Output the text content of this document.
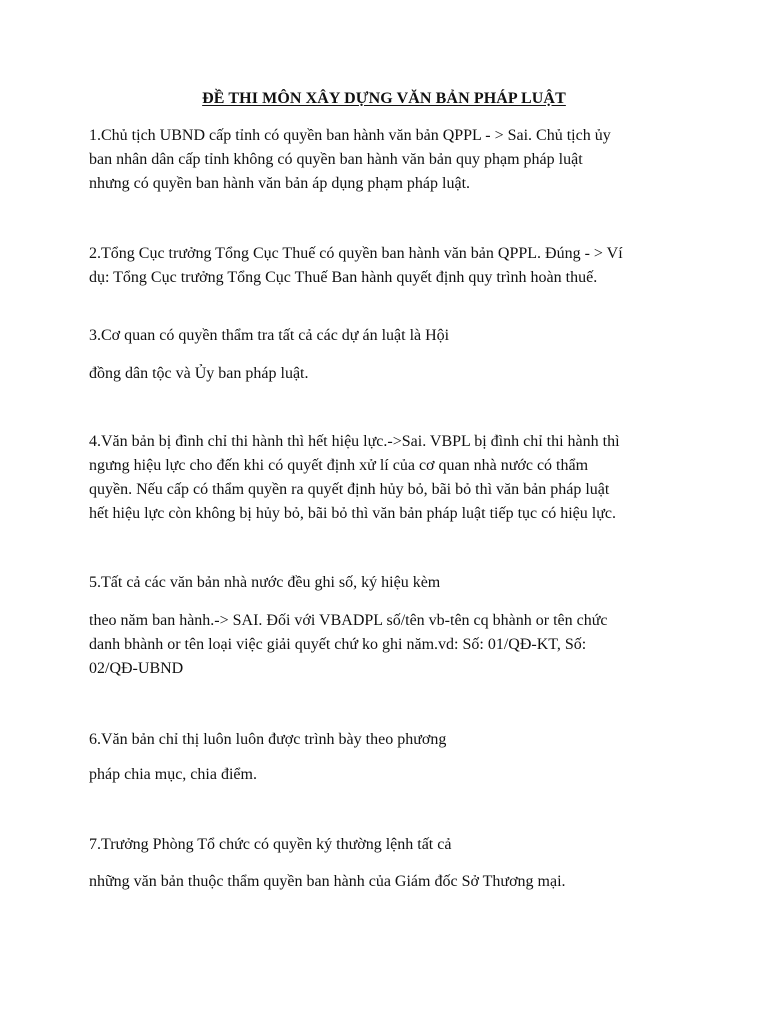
ĐỀ THI MÔN XÂY DỰNG VĂN BẢN PHÁP LUẬT
1.Chủ tịch UBND cấp tỉnh có quyền ban hành văn bản QPPL - > Sai. Chủ tịch ủy
ban nhân dân cấp tỉnh không có quyền ban hành văn bản quy phạm pháp luật
nhưng có quyền ban hành văn bản áp dụng phạm pháp luật.
2.Tổng Cục trưởng Tổng Cục Thuế có quyền ban hành văn bản QPPL. Đúng - > Ví
dụ: Tổng Cục trưởng Tổng Cục Thuế Ban hành quyết định quy trình hoàn thuế.
3.Cơ quan có quyền thẩm tra tất cả các dự án luật là Hội
đồng dân tộc và Ủy ban pháp luật.
4.Văn bản bị đình chỉ thi hành thì hết hiệu lực.->Sai. VBPL bị đình chỉ thi hành thì
ngưng hiệu lực cho đến khi có quyết định xử lí của cơ quan nhà nước có thẩm
quyền. Nếu cấp có thẩm quyền ra quyết định hủy bỏ, bãi bỏ thì văn bản pháp luật
hết hiệu lực còn không bị hủy bỏ, bãi bỏ thì văn bản pháp luật tiếp tục có hiệu lực.
5.Tất cả các văn bản nhà nước đều ghi số, ký hiệu kèm
theo năm ban hành.-> SAI. Đối với VBADPL số/tên vb-tên cq bhành or tên chức
danh bhành or tên loại việc giải quyết chứ ko ghi năm.vd: Số: 01/QĐ-KT, Số:
02/QĐ-UBND
6.Văn bản chỉ thị luôn luôn được trình bày theo phương
pháp chia mục, chia điểm.
7.Trưởng Phòng Tổ chức có quyền ký thường lệnh tất cả
những văn bản thuộc thẩm quyền ban hành của Giám đốc Sở Thương mại.
